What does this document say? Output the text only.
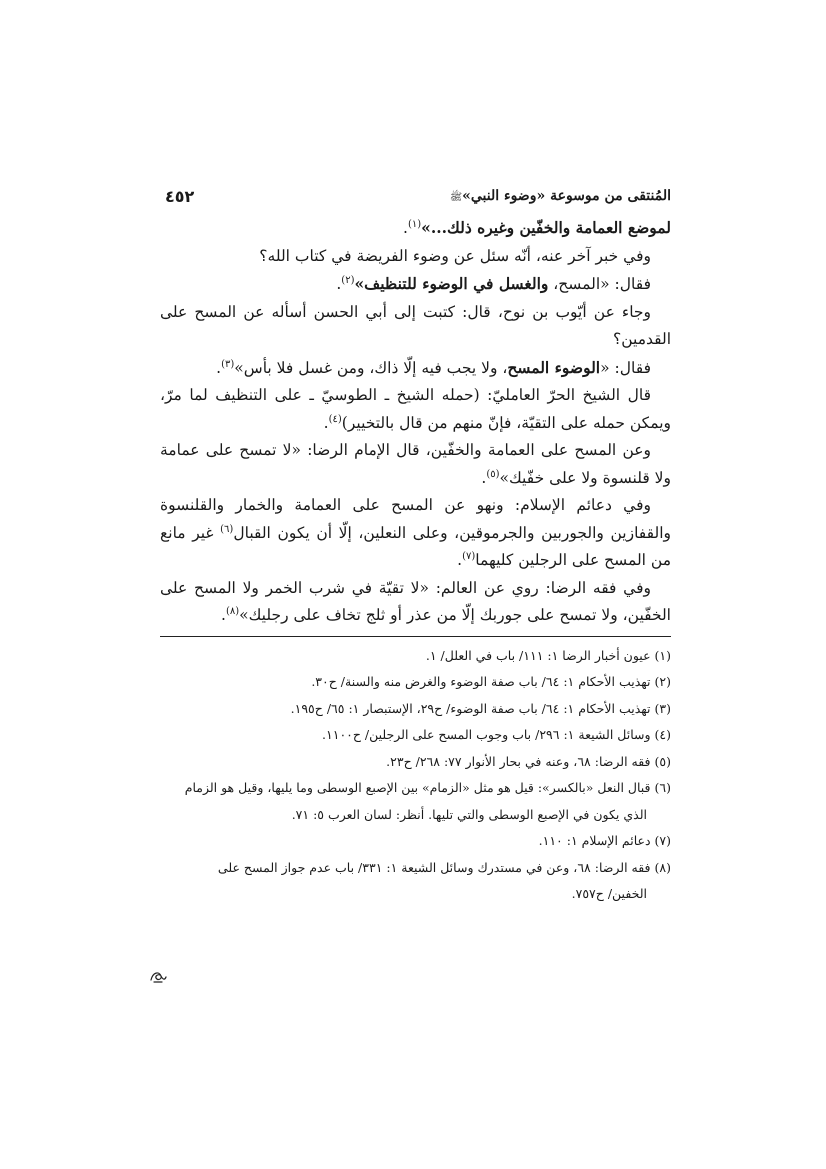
المُنتقى من موسوعة «وضوء النبي»ﷺ
٤٥٢

لموضع العمامة والخفّين وغيره ذلك...»$^{(١)}$.

وفي خبر آخر عنه، أنّه سئل عن وضوء الفريضة في كتاب الله؟

فقال: «المسح، والغسل في الوضوء للتنظيف»$^{(٢)}$.

وجاء عن أيّوب بن نوح، قال: كتبت إلى أبي الحسن أسأله عن المسح على القدمين؟

فقال: «الوضوء المسح، ولا يجب فيه إلّا ذاك، ومن غسل فلا بأس»$^{(٣)}$.

قال الشيخ الحرّ العامليّ: (حمله الشيخ ـ الطوسيّ ـ على التنظيف لما مرّ، ويمكن حمله على التقيّة، فإنّ منهم من قال بالتخيير)$^{(٤)}$.

وعن المسح على العمامة والخفّين، قال الإمام الرضا: «لا تمسح على عمامة ولا قلنسوة ولا على خفّيك»$^{(٥)}$.

وفي دعائم الإسلام: ونهو عن المسح على العمامة والخمار والقلنسوة والقفازين والجوربين والجرموقين، وعلى النعلين، إلّا أن يكون القبال$^{(٦)}$ غير مانع من المسح على الرجلين كليهما$^{(٧)}$.

وفي فقه الرضا: روي عن العالم: «لا تقيّة في شرب الخمر ولا المسح على الخفّين، ولا تمسح على جوربك إلّا من عذر أو ثلج تخاف على رجليك»$^{(٨)}$.

(١) عيون أخبار الرضا ١: ١١١/ باب في العلل/ ١.
(٢) تهذيب الأحكام ١: ٦٤/ باب صفة الوضوء والغرض منه والسنة/ ح٣٠.
(٣) تهذيب الأحكام ١: ٦٤/ باب صفة الوضوء/ ح٢٩، الإستبصار ١: ٦٥/ ح١٩٥.
(٤) وسائل الشيعة ١: ٢٩٦/ باب وجوب المسح على الرجلين/ ح١١٠٠.
(٥) فقه الرضا: ٦٨، وعنه في بحار الأنوار ٧٧: ٢٦٨/ ح٢٣.
(٦) قبال النعل «بالكسر»: قيل هو مثل «الزمام» بين الإصبع الوسطى وما يليها، وقيل هو الزمام
الذي يكون في الإصبع الوسطى والتي تليها. أنظر: لسان العرب ٥: ٧١.
(٧) دعائم الإسلام ١: ١١٠.
(٨) فقه الرضا: ٦٨، وعن في مستدرك وسائل الشيعة ١: ٣٣١/ باب عدم جواز المسح على
الخفين/ ح٧٥٧.
